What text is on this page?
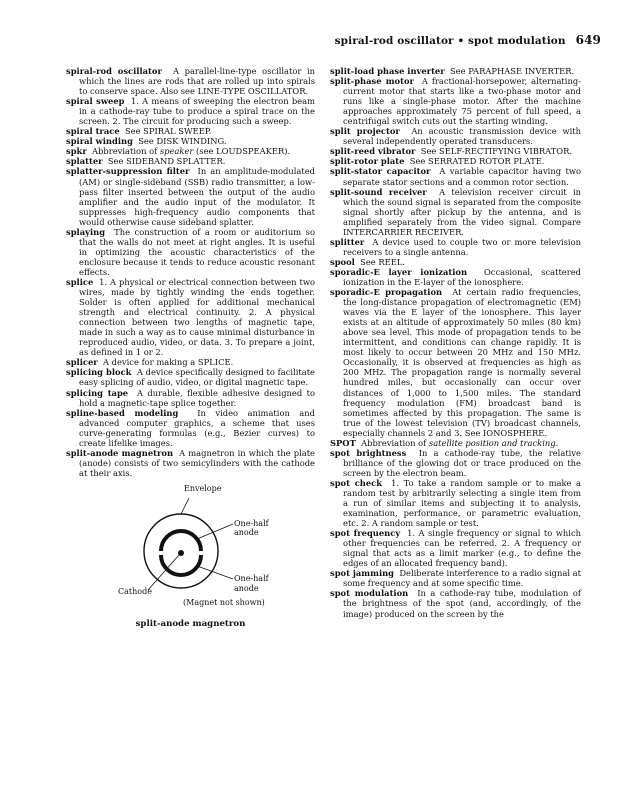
spiral-rod oscillator • spot modulation 649

spiral-rod oscillator A parallel-line-type oscillator in which the lines are rods that are rolled up into spirals to conserve space. Also see LINE-TYPE OSCILLATOR.

spiral sweep 1. A means of sweeping the electron beam in a cathode-ray tube to produce a spiral trace on the screen. 2. The circuit for producing such a sweep.

spiral trace See SPIRAL SWEEP.

spiral winding See DISK WINDING.

spkr Abbreviation of speaker (see LOUDSPEAKER).

splatter See SIDEBAND SPLATTER.

splatter-suppression filter In an amplitude-modulated (AM) or single-sideband (SSB) radio transmitter, a low-pass filter inserted between the output of the audio amplifier and the audio input of the modulator. It suppresses high-frequency audio components that would otherwise cause sideband splatter.

splaying The construction of a room or auditorium so that the walls do not meet at right angles. It is useful in optimizing the acoustic characteristics of the enclosure because it tends to reduce acoustic resonant effects.

splice 1. A physical or electrical connection between two wires, made by tightly winding the ends together. Solder is often applied for additional mechanical strength and electrical continuity. 2. A physical connection between two lengths of magnetic tape, made in such a way as to cause minimal disturbance in reproduced audio, video, or data. 3. To prepare a joint, as defined in 1 or 2.

splicer A device for making a SPLICE.

splicing block A device specifically designed to facilitate easy splicing of audio, video, or digital magnetic tape.

splicing tape A durable, flexible adhesive designed to hold a magnetic-tape splice together.

spline-based modeling In video animation and advanced computer graphics, a scheme that uses curve-generating formulas (e.g., Bezier curves) to create lifelike images.

split-anode magnetron A magnetron in which the plate (anode) consists of two semicylinders with the cathode at their axis.

Envelope
One-half
anode
One-half
anode
Cathode
(Magnet not shown)
split-anode magnetron

split-load phase inverter See PARAPHASE INVERTER.

split-phase motor A fractional-horsepower, alternating-current motor that starts like a two-phase motor and runs like a single-phase motor. After the machine approaches approximately 75 percent of full speed, a centrifugal switch cuts out the starting winding.

split projector An acoustic transmission device with several independently operated transducers.

split-reed vibrator See SELF-RECTIFYING VIBRATOR.

split-rotor plate See SERRATED ROTOR PLATE.

split-stator capacitor A variable capacitor having two separate stator sections and a common rotor section.

split-sound receiver A television receiver circuit in which the sound signal is separated from the composite signal shortly after pickup by the antenna, and is amplified separately from the video signal. Compare INTERCARRIER RECEIVER.

splitter A device used to couple two or more television receivers to a single antenna.

spool See REEL.

sporadic-E layer ionization Occasional, scattered ionization in the E-layer of the ionosphere.

sporadic-E propagation At certain radio frequencies, the long-distance propagation of electromagnetic (EM) waves via the E layer of the ionosphere. This layer exists at an altitude of approximately 50 miles (80 km) above sea level. This mode of propagation tends to be intermittent, and conditions can change rapidly. It is most likely to occur between 20 MHz and 150 MHz. Occasionally, it is observed at frequencies as high as 200 MHz. The propagation range is normally several hundred miles, but occasionally can occur over distances of 1,000 to 1,500 miles. The standard frequency modulation (FM) broadcast band is sometimes affected by this propagation. The same is true of the lowest television (TV) broadcast channels, especially channels 2 and 3. See IONOSPHERE.

SPOT Abbreviation of satellite position and tracking.

spot brightness In a cathode-ray tube, the relative brilliance of the glowing dot or trace produced on the screen by the electron beam.

spot check 1. To take a random sample or to make a random test by arbitrarily selecting a single item from a run of similar items and subjecting it to analysis, examination, performance, or parametric evaluation, etc. 2. A random sample or test.

spot frequency 1. A single frequency or signal to which other frequencies can be referred. 2. A frequency or signal that acts as a limit marker (e.g., to define the edges of an allocated frequency band).

spot jamming Deliberate interference to a radio signal at some frequency and at some specific time.

spot modulation In a cathode-ray tube, modulation of the brightness of the spot (and, accordingly, of the image) produced on the screen by the
